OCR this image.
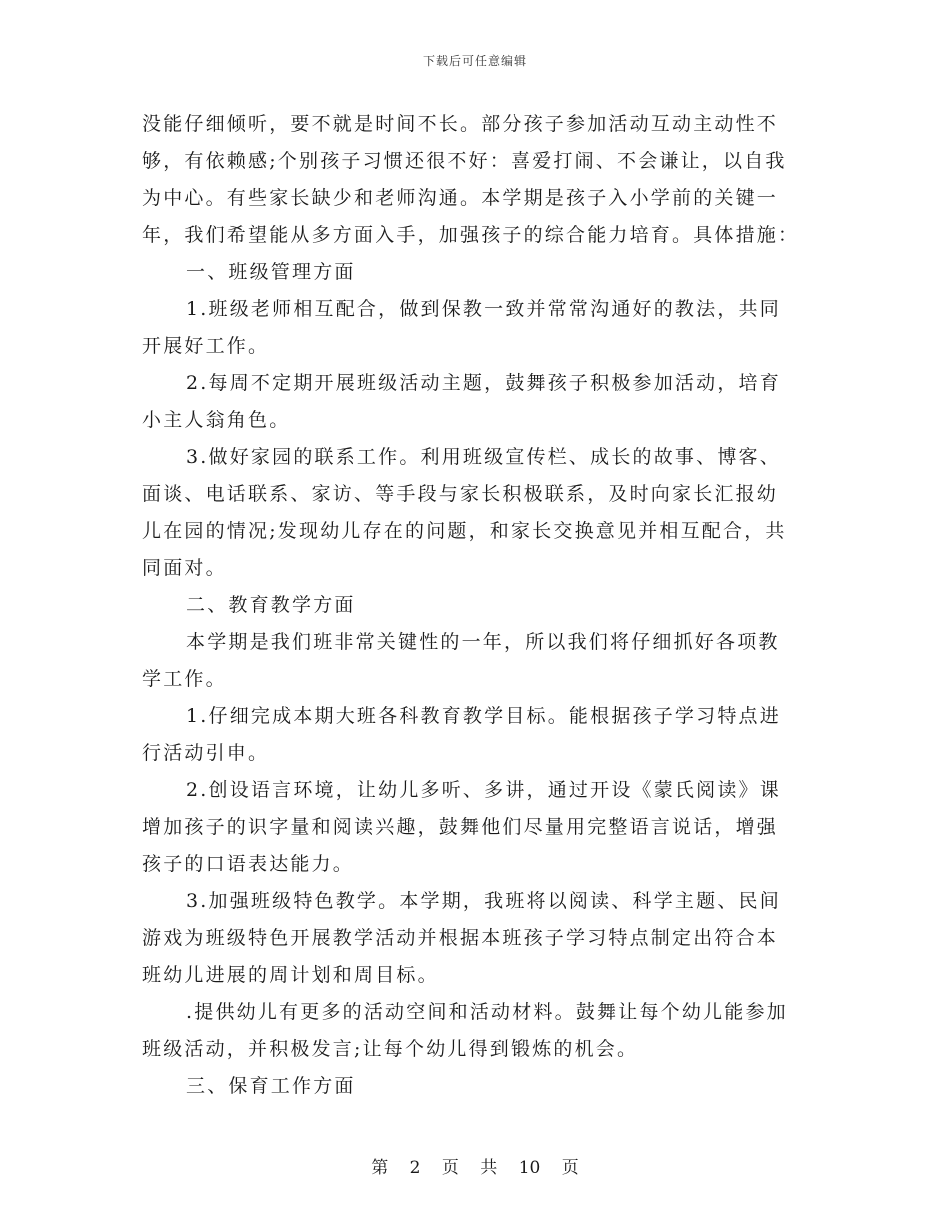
下载后可任意编辑
没能仔细倾听，要不就是时间不长。部分孩子参加活动互动主动性不
够，有依赖感;个别孩子习惯还很不好：喜爱打闹、不会谦让，以自我
为中心。有些家长缺少和老师沟通。本学期是孩子入小学前的关键一
年，我们希望能从多方面入手，加强孩子的综合能力培育。具体措施：
一、班级管理方面
1.班级老师相互配合，做到保教一致并常常沟通好的教法，共同
开展好工作。
2.每周不定期开展班级活动主题，鼓舞孩子积极参加活动，培育
小主人翁角色。
3.做好家园的联系工作。利用班级宣传栏、成长的故事、博客、
面谈、电话联系、家访、等手段与家长积极联系，及时向家长汇报幼
儿在园的情况;发现幼儿存在的问题，和家长交换意见并相互配合，共
同面对。
二、教育教学方面
本学期是我们班非常关键性的一年，所以我们将仔细抓好各项教
学工作。
1.仔细完成本期大班各科教育教学目标。能根据孩子学习特点进
行活动引申。
2.创设语言环境，让幼儿多听、多讲，通过开设《蒙氏阅读》课
增加孩子的识字量和阅读兴趣，鼓舞他们尽量用完整语言说话，增强
孩子的口语表达能力。
3.加强班级特色教学。本学期，我班将以阅读、科学主题、民间
游戏为班级特色开展教学活动并根据本班孩子学习特点制定出符合本
班幼儿进展的周计划和周目标。
.提供幼儿有更多的活动空间和活动材料。鼓舞让每个幼儿能参加
班级活动，并积极发言;让每个幼儿得到锻炼的机会。
三、保育工作方面
第 2 页 共 10 页
